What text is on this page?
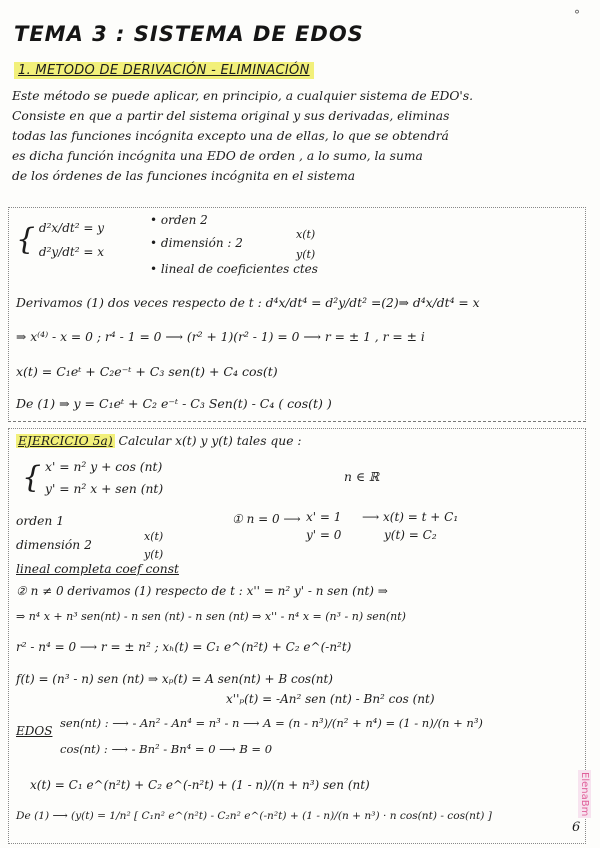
°
TEMA 3 : SISTEMA DE EDOS
1. METODO DE DERIVACIÓN - ELIMINACIÓN
Este método se puede aplicar, en principio, a cualquier sistema de EDO's.
Consiste en que a partir del sistema original y sus derivadas, eliminas
todas las funciones incógnita excepto una de ellas, lo que se obtendrá
es dicha función incógnita una EDO de orden , a lo sumo, la suma
de los órdenes de las funciones incógnita en el sistema
{ d²x/dt² = y
d²y/dt² = x
• orden 2
• dimensión : 2
x(t)
y(t)
• lineal de coeficientes ctes
Derivamos (1) dos veces respecto de t : d⁴x/dt⁴ = d²y/dt² =(2)⇒ d⁴x/dt⁴ = x
⇒ x⁽⁴⁾ - x = 0 ; r⁴ - 1 = 0 ⟶ (r² + 1)(r² - 1) = 0 ⟶ r = ± 1 , r = ± i
x(t) = C₁eᵗ + C₂e⁻ᵗ + C₃ sen(t) + C₄ cos(t)
De (1) ⇒ y = C₁eᵗ + C₂ e⁻ᵗ - C₃ Sen(t) - C₄ ( cos(t) )
EJERCICIO 5a) Calcular x(t) y y(t) tales que :
{ x' = n² y + cos (nt)
y' = n² x + sen (nt)
n ∈ ℝ
orden 1
dimensión 2
x(t)
y(t)
lineal completa coef const
① n = 0 ⟶ x' = 1
y' = 0
⟶ x(t) = t + C₁
y(t) = C₂
② n ≠ 0 derivamos (1) respecto de t : x'' = n² y' - n sen (nt) ⇒
⇒ n⁴ x + n³ sen(nt) - n sen (nt) - n sen (nt) ⇒ x'' - n⁴ x = (n³ - n) sen(nt)
r² - n⁴ = 0 ⟶ r = ± n² ; xₕ(t) = C₁ e^(n²t) + C₂ e^(-n²t)
f(t) = (n³ - n) sen (nt) ⇒ xₚ(t) = A sen(nt) + B cos(nt)
x''ₚ(t) = -An² sen (nt) - Bn² cos (nt)
EDOS
sen(nt) : ⟶ - An² - An⁴ = n³ - n ⟶ A = (n - n³)/(n² + n⁴) = (1 - n)/(n + n³)
cos(nt) : ⟶ - Bn² - Bn⁴ = 0 ⟶ B = 0
x(t) = C₁ e^(n²t) + C₂ e^(-n²t) + (1 - n)/(n + n³) sen (nt)
De (1) ⟶ (y(t) = 1/n² [ C₁n² e^(n²t) - C₂n² e^(-n²t) + (1 - n)/(n + n³) · n cos(nt) - cos(nt) ]	ElenaBm
6
